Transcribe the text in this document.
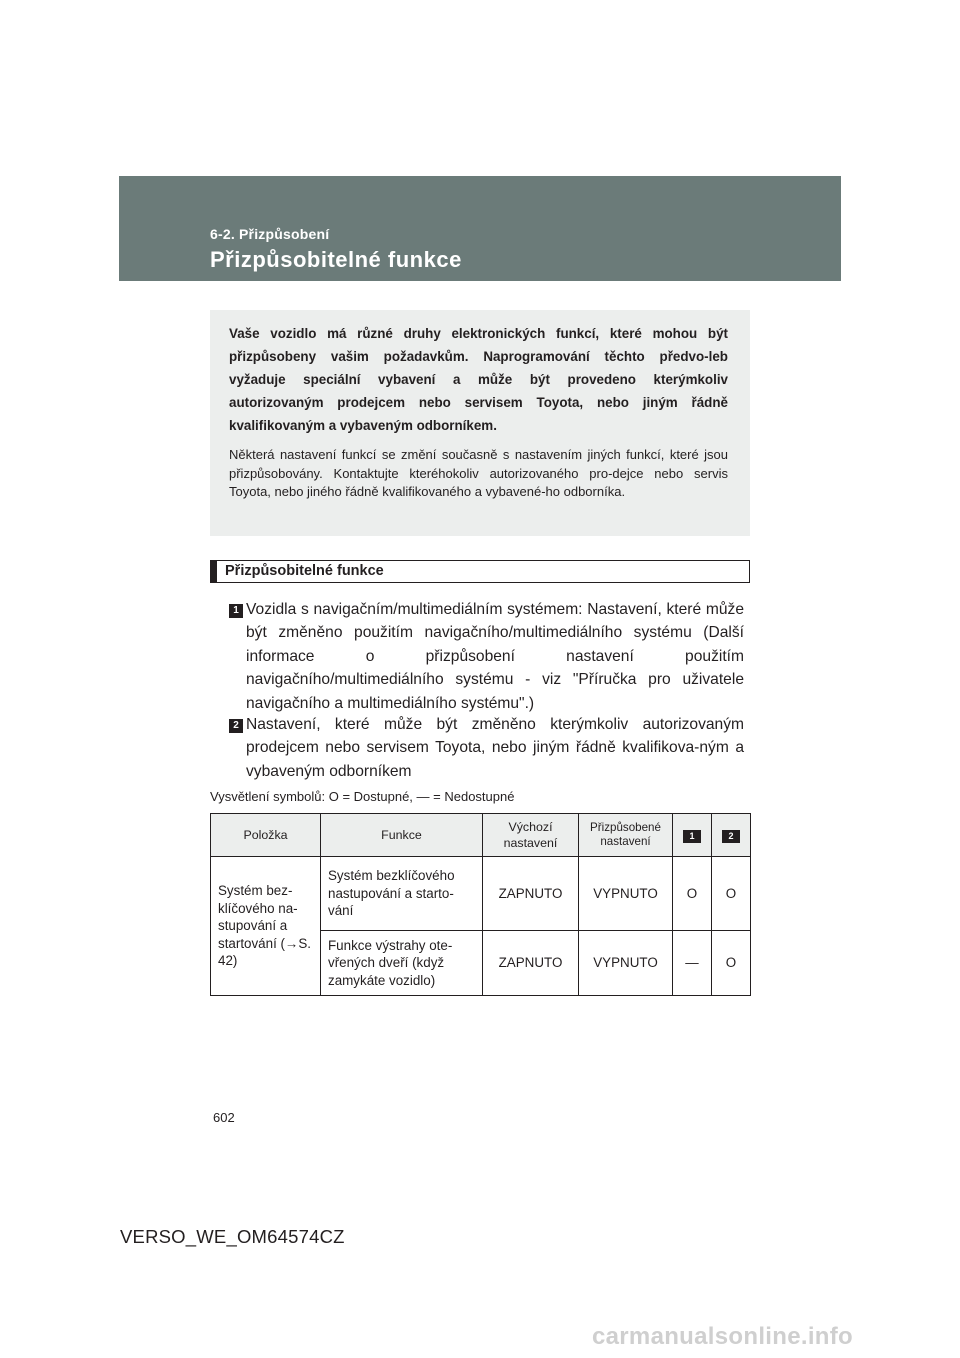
6-2. Přizpůsobení
Přizpůsobitelné funkce

Vaše vozidlo má různé druhy elektronických funkcí, které mohou být přizpůsobeny vašim požadavkům. Naprogramování těchto předvo-leb vyžaduje speciální vybavení a může být provedeno kterýmkoliv autorizovaným prodejcem nebo servisem Toyota, nebo jiným řádně kvalifikovaným a vybaveným odborníkem.

Některá nastavení funkcí se změní současně s nastavením jiných funkcí, které jsou přizpůsobovány. Kontaktujte kteréhokoliv autorizovaného pro-dejce nebo servis Toyota, nebo jiného řádně kvalifikovaného a vybavené-ho odborníka.

Přizpůsobitelné funkce
1 Vozidla s navigačním/multimediálním systémem: Nastavení, které může být změněno použitím navigačního/multimediálního systému (Další informace o přizpůsobení nastavení použitím navigačního/multimediálního systému - viz "Příručka pro uživatele navigačního a multimediálního systému".)
2 Nastavení, které může být změněno kterýmkoliv autorizovaným prodejcem nebo servisem Toyota, nebo jiným řádně kvalifikova-ným a vybaveným odborníkem
Vysvětlení symbolů: O = Dostupné, — = Nedostupné
Položka	Funkce	Výchozí nastavení	Přizpůsobené nastavení	1	2
Systém bez-klíčového na-stupování a startování (→S. 42)	Systém bezklíčového nastupování a starto-vání	ZAPNUTO	VYPNUTO	O	O
	Funkce výstrahy ote-vřených dveří (když zamykáte vozidlo)	ZAPNUTO	VYPNUTO	—	O
602
VERSO_WE_OM64574CZ
carmanualsonline.info
